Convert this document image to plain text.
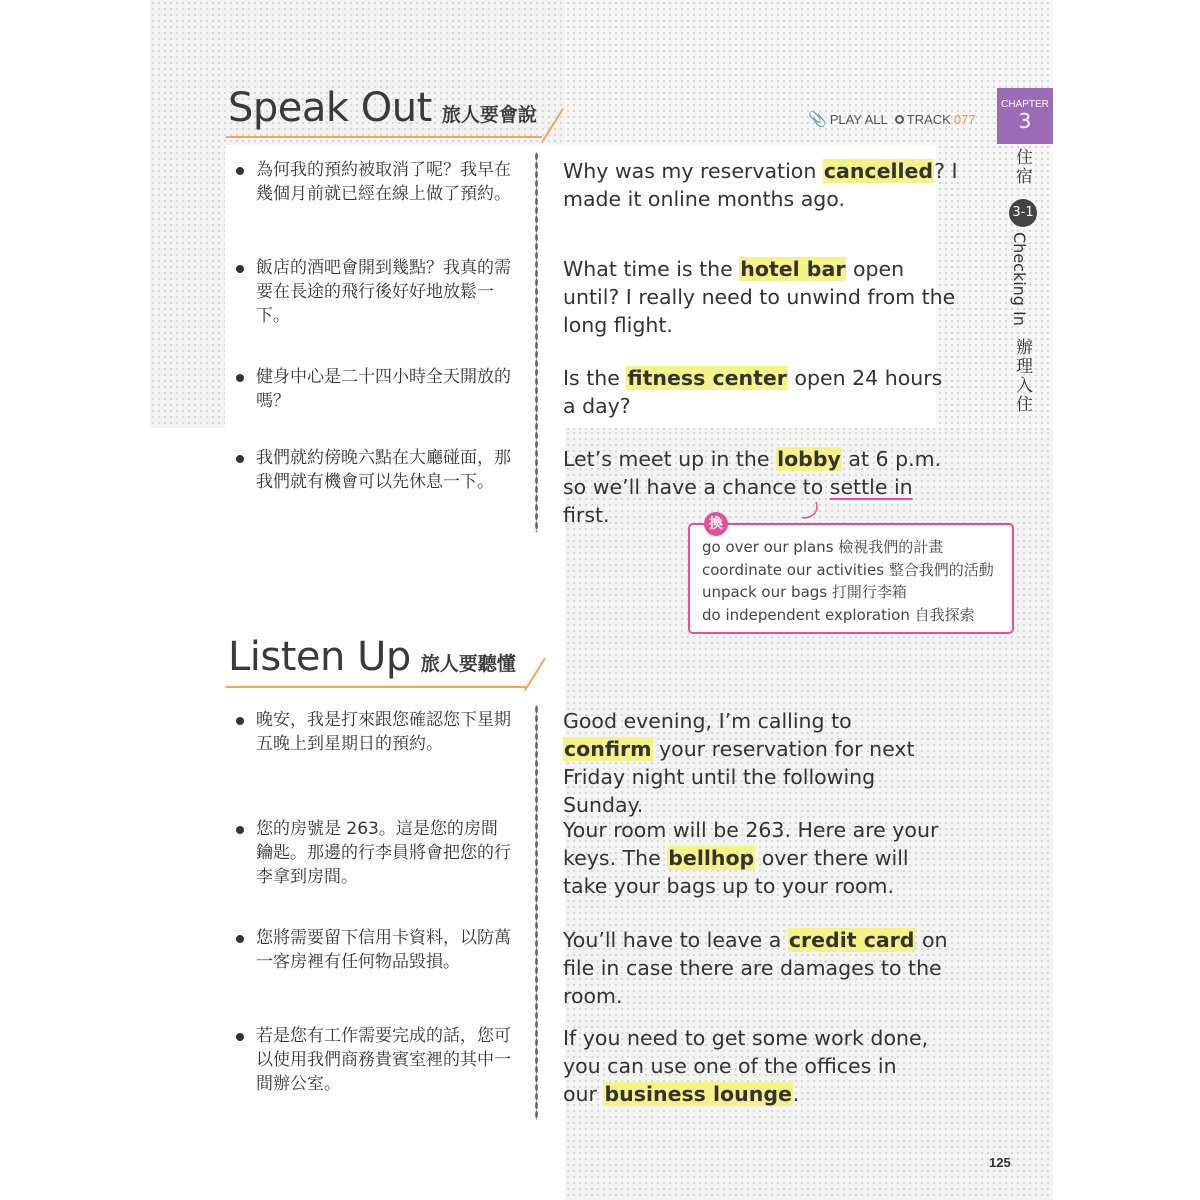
Speak Out 旅人要會說	📎 PLAY ALL TRACK 077
CHAPTER
3
住宿
3-1
Checking In
辦理入住
為何我的預約被取消了呢？我早在幾個月前就已經在線上做了預約。
Why was my reservation cancelled? I made it online months ago.
飯店的酒吧會開到幾點？我真的需要在長途的飛行後好好地放鬆一下。
What time is the hotel bar open until? I really need to unwind from the long flight.
健身中心是二十四小時全天開放的嗎？
Is the fitness center open 24 hours a day?
我們就約傍晚六點在大廳碰面，那我們就有機會可以先休息一下。
Let’s meet up in the lobby at 6 p.m. so we’ll have a chance to settle in first.	換
go over our plans 檢視我們的計畫
coordinate our activities 整合我們的活動
unpack our bags 打開行李箱
do independent exploration 自我探索
Listen Up 旅人要聽懂
晚安，我是打來跟您確認您下星期五晚上到星期日的預約。
Good evening, I’m calling to confirm your reservation for next Friday night until the following Sunday.
您的房號是 263。這是您的房間鑰匙。那邊的行李員將會把您的行李拿到房間。
Your room will be 263. Here are your keys. The bellhop over there will take your bags up to your room.
您將需要留下信用卡資料，以防萬一客房裡有任何物品毀損。
You’ll have to leave a credit card on file in case there are damages to the room.
若是您有工作需要完成的話，您可以使用我們商務貴賓室裡的其中一間辦公室。
If you need to get some work done, you can use one of the offices in our business lounge.
125
